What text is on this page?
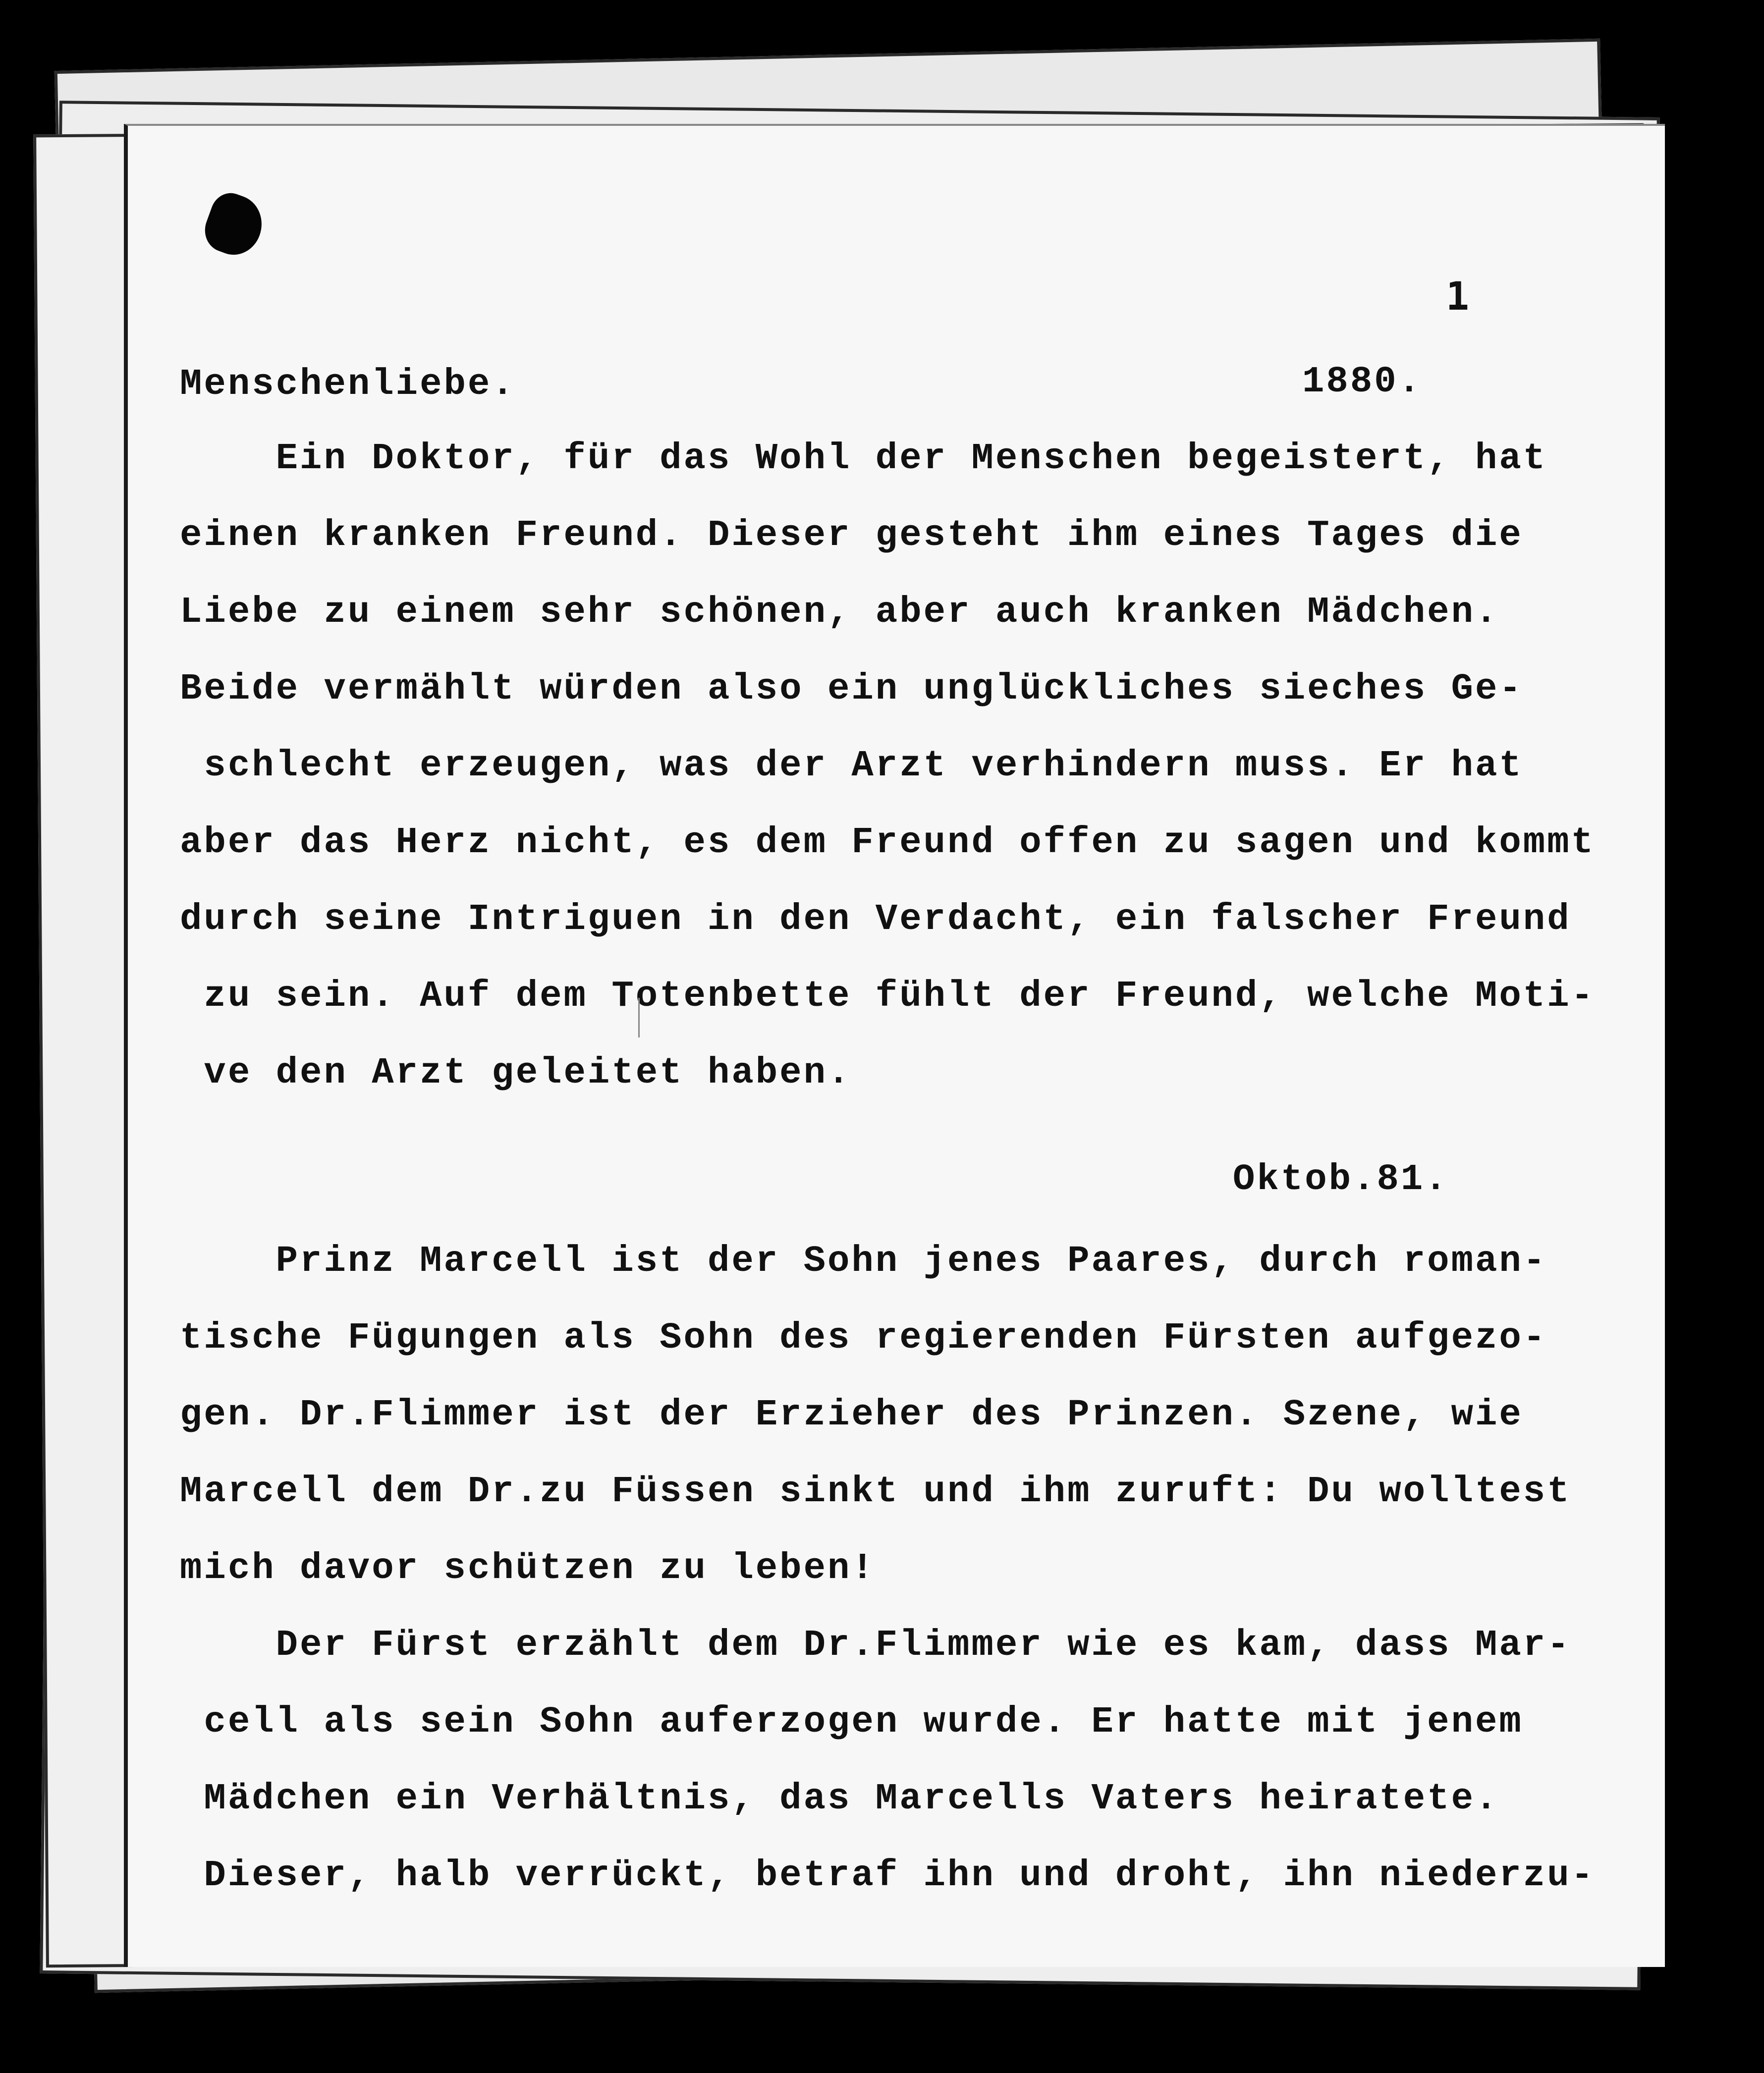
1
Menschenliebe.	1880.
Ein Doktor, für das Wohl der Menschen begeistert, hat
einen kranken Freund. Dieser gesteht ihm eines Tages die
Liebe zu einem sehr schönen, aber auch kranken Mädchen.
Beide vermählt würden also ein unglückliches sieches Ge-
schlecht erzeugen, was der Arzt verhindern muss. Er hat
aber das Herz nicht, es dem Freund offen zu sagen und kommt
durch seine Intriguen in den Verdacht, ein falscher Freund
zu sein. Auf dem Totenbette fühlt der Freund, welche Moti-
ve den Arzt geleitet haben.
Oktob.81.
Prinz Marcell ist der Sohn jenes Paares, durch roman-
tische Fügungen als Sohn des regierenden Fürsten aufgezo-
gen. Dr.Flimmer ist der Erzieher des Prinzen. Szene, wie
Marcell dem Dr.zu Füssen sinkt und ihm zuruft: Du wolltest
mich davor schützen zu leben!
Der Fürst erzählt dem Dr.Flimmer wie es kam, dass Mar-
cell als sein Sohn auferzogen wurde. Er hatte mit jenem
Mädchen ein Verhältnis, das Marcells Vaters heiratete.
Dieser, halb verrückt, betraf ihn und droht, ihn niederzu-
